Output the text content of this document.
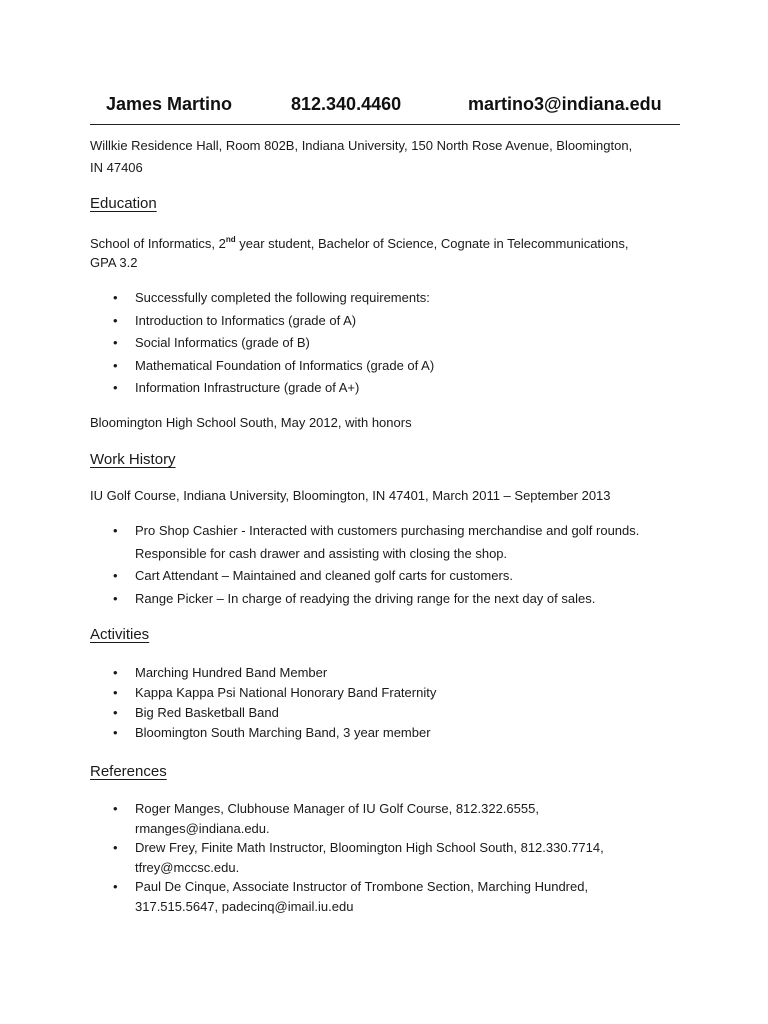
James Martino	812.340.4460	martino3@indiana.edu
Willkie Residence Hall, Room 802B, Indiana University, 150 North Rose Avenue, Bloomington,
IN 47406
Education
School of Informatics, 2nd year student, Bachelor of Science, Cognate in Telecommunications,
GPA 3.2
• Successfully completed the following requirements:
• Introduction to Informatics (grade of A)
• Social Informatics (grade of B)
• Mathematical Foundation of Informatics (grade of A)
• Information Infrastructure (grade of A+)
Bloomington High School South, May 2012, with honors
Work History
IU Golf Course, Indiana University, Bloomington, IN 47401, March 2011 – September 2013
• Pro Shop Cashier - Interacted with customers purchasing merchandise and golf rounds.
Responsible for cash drawer and assisting with closing the shop.
• Cart Attendant – Maintained and cleaned golf carts for customers.
• Range Picker – In charge of readying the driving range for the next day of sales.
Activities
• Marching Hundred Band Member
• Kappa Kappa Psi National Honorary Band Fraternity
• Big Red Basketball Band
• Bloomington South Marching Band, 3 year member
References
• Roger Manges, Clubhouse Manager of IU Golf Course, 812.322.6555,
rmanges@indiana.edu.
• Drew Frey, Finite Math Instructor, Bloomington High School South, 812.330.7714,
tfrey@mccsc.edu.
• Paul De Cinque, Associate Instructor of Trombone Section, Marching Hundred,
317.515.5647, padecinq@imail.iu.edu
